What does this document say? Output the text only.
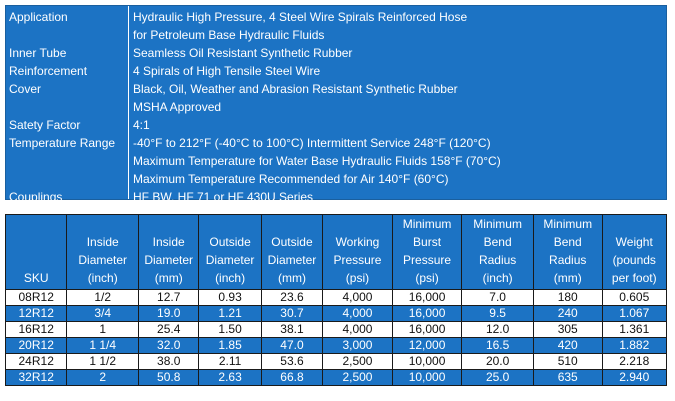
Application	Hydraulic High Pressure, 4 Steel Wire Spirals Reinforced Hose
for Petroleum Base Hydraulic Fluids
Inner Tube	Seamless Oil Resistant Synthetic Rubber
Reinforcement	4 Spirals of High Tensile Steel Wire
Cover	Black, Oil, Weather and Abrasion Resistant Synthetic Rubber
MSHA Approved
Satety Factor	4:1
Temperature Range -40°F to 212°F (-40°C to 100°C) Intermittent Service 248°F (120°C)
Maximum Temperature for Water Base Hydraulic Fluids 158°F (70°C)
Maximum Temperature Recommended for Air 140°F (60°C)
Couplings	HF BW, HF 71 or HF 430U Series
SKU	Inside
Diameter
(inch)	Inside
Diameter
(mm)	Outside
Diameter
(inch)	Outside
Diameter
(mm)	Working
Pressure
(psi)	Minimum
Burst
Pressure
(psi)	Minimum
Bend
Radius
(inch)	Minimum
Bend
Radius
(mm)	Weight
(pounds
per foot)

08R12	1/2	12.7	0.93	23.6	4,000	16,000	7.0	180	0.605
12R12	3/4	19.0	1.21	30.7	4,000	16,000	9.5	240	1.067
16R12	1	25.4	1.50	38.1	4,000	16,000	12.0	305	1.361
20R12	1 1/4	32.0	1.85	47.0	3,000	12,000	16.5	420	1.882
24R12	1 1/2	38.0	2.11	53.6	2,500	10,000	20.0	510	2.218
32R12	2	50.8	2.63	66.8	2,500	10,000	25.0	635	2.940
